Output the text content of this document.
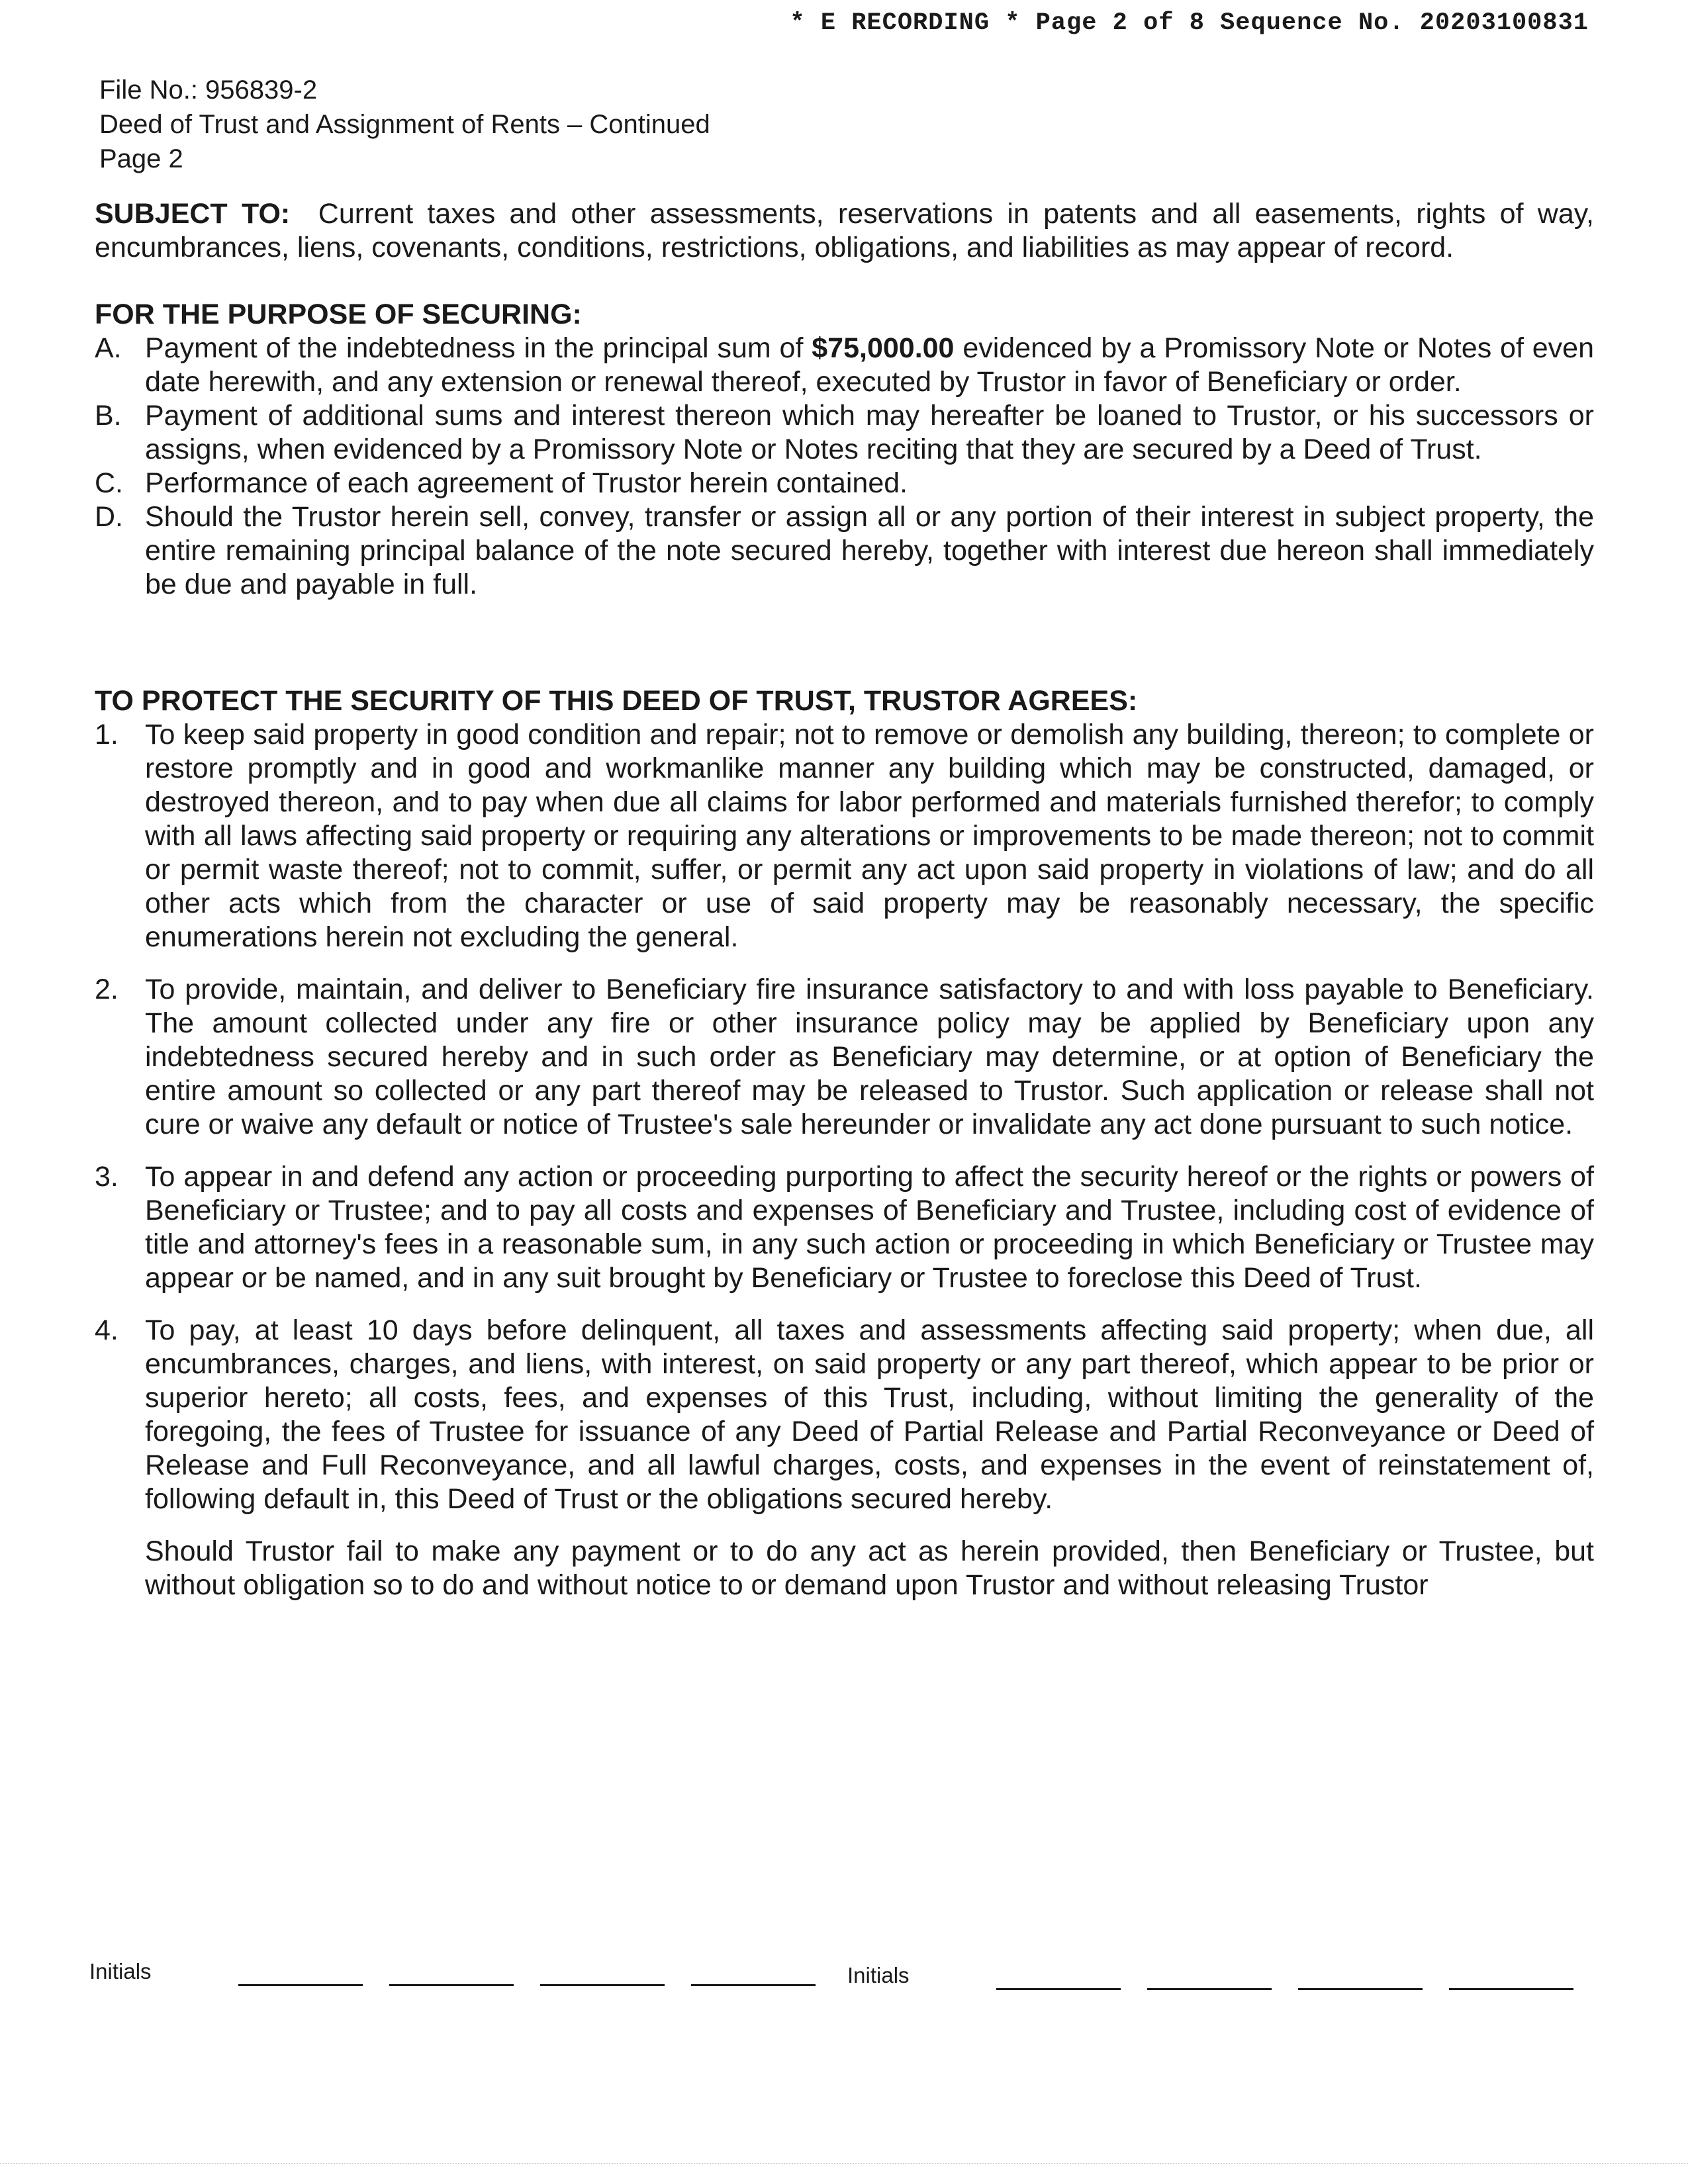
* E RECORDING * Page 2 of 8 Sequence No. 20203100831
File No.: 956839-2
Deed of Trust and Assignment of Rents – Continued
Page 2

SUBJECT TO: Current taxes and other assessments, reservations in patents and all easements, rights of way, encumbrances, liens, covenants, conditions, restrictions, obligations, and liabilities as may appear of record.

FOR THE PURPOSE OF SECURING:
A. Payment of the indebtedness in the principal sum of $75,000.00 evidenced by a Promissory Note or Notes of even date herewith, and any extension or renewal thereof, executed by Trustor in favor of Beneficiary or order.
B. Payment of additional sums and interest thereon which may hereafter be loaned to Trustor, or his successors or assigns, when evidenced by a Promissory Note or Notes reciting that they are secured by a Deed of Trust.
C. Performance of each agreement of Trustor herein contained.
D. Should the Trustor herein sell, convey, transfer or assign all or any portion of their interest in subject property, the entire remaining principal balance of the note secured hereby, together with interest due hereon shall immediately be due and payable in full.
TO PROTECT THE SECURITY OF THIS DEED OF TRUST, TRUSTOR AGREES:
1. To keep said property in good condition and repair; not to remove or demolish any building, thereon; to complete or restore promptly and in good and workmanlike manner any building which may be constructed, damaged, or destroyed thereon, and to pay when due all claims for labor performed and materials furnished therefor; to comply with all laws affecting said property or requiring any alterations or improvements to be made thereon; not to commit or permit waste thereof; not to commit, suffer, or permit any act upon said property in violations of law; and do all other acts which from the character or use of said property may be reasonably necessary, the specific enumerations herein not excluding the general.
2. To provide, maintain, and deliver to Beneficiary fire insurance satisfactory to and with loss payable to Beneficiary. The amount collected under any fire or other insurance policy may be applied by Beneficiary upon any indebtedness secured hereby and in such order as Beneficiary may determine, or at option of Beneficiary the entire amount so collected or any part thereof may be released to Trustor. Such application or release shall not cure or waive any default or notice of Trustee's sale hereunder or invalidate any act done pursuant to such notice.
3. To appear in and defend any action or proceeding purporting to affect the security hereof or the rights or powers of Beneficiary or Trustee; and to pay all costs and expenses of Beneficiary and Trustee, including cost of evidence of title and attorney's fees in a reasonable sum, in any such action or proceeding in which Beneficiary or Trustee may appear or be named, and in any suit brought by Beneficiary or Trustee to foreclose this Deed of Trust.
4. To pay, at least 10 days before delinquent, all taxes and assessments affecting said property; when due, all encumbrances, charges, and liens, with interest, on said property or any part thereof, which appear to be prior or superior hereto; all costs, fees, and expenses of this Trust, including, without limiting the generality of the foregoing, the fees of Trustee for issuance of any Deed of Partial Release and Partial Reconveyance or Deed of Release and Full Reconveyance, and all lawful charges, costs, and expenses in the event of reinstatement of, following default in, this Deed of Trust or the obligations secured hereby.
Should Trustor fail to make any payment or to do any act as herein provided, then Beneficiary or Trustee, but without obligation so to do and without notice to or demand upon Trustor and without releasing Trustor
Initials	Initials
